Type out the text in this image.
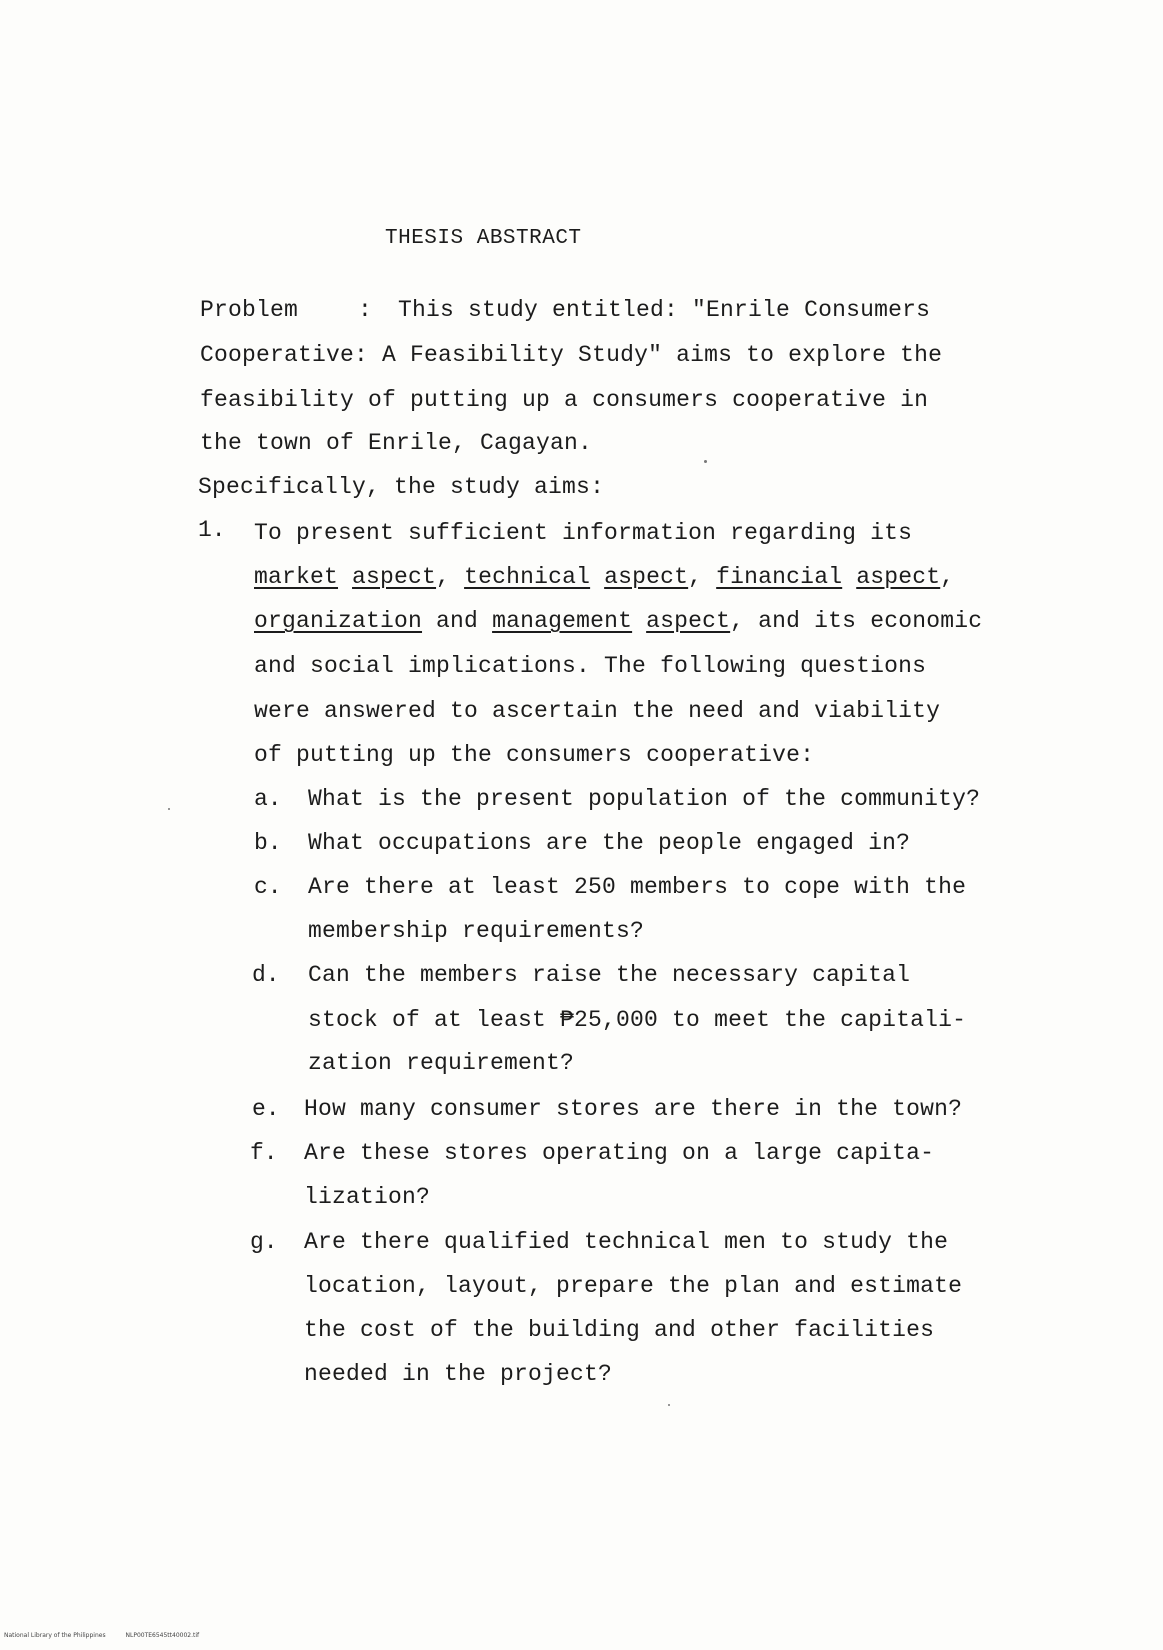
THESIS ABSTRACT
Problem	: This study entitled: "Enrile Consumers
Cooperative: A Feasibility Study" aims to explore the
feasibility of putting up a consumers cooperative in
the town of Enrile, Cagayan.
Specifically, the study aims:
1. To present sufficient information regarding its
market aspect, technical aspect, financial aspect,
organization and management aspect, and its economic
and social implications. The following questions
were answered to ascertain the need and viability
of putting up the consumers cooperative:
a. What is the present population of the community?
b. What occupations are the people engaged in?
c. Are there at least 250 members to cope with the
membership requirements?
d. Can the members raise the necessary capital
stock of at least ₱25,000 to meet the capitali-
zation requirement?
e. How many consumer stores are there in the town?
f. Are these stores operating on a large capita-
lization?
g. Are there qualified technical men to study the
location, layout, prepare the plan and estimate
the cost of the building and other facilities
needed in the project?
National Library of the Philippines	NLP00TE6545tt40002.tif
